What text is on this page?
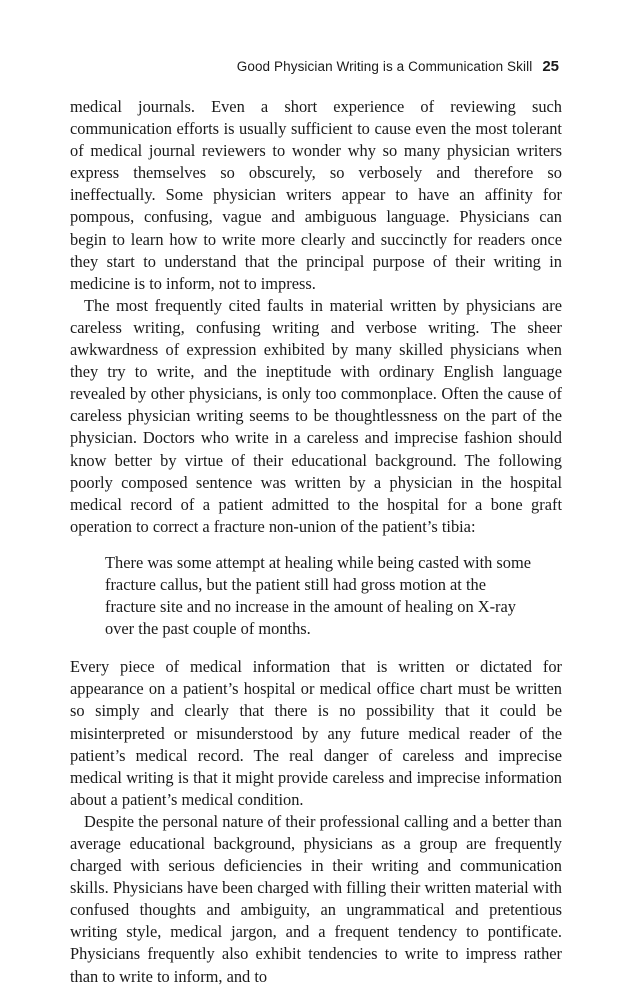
Good Physician Writing is a Communication Skill 25

medical journals. Even a short experience of reviewing such communication efforts is usually sufficient to cause even the most tolerant of medical journal reviewers to wonder why so many physician writers express themselves so obscurely, so verbosely and therefore so ineffectually. Some physician writers appear to have an affinity for pompous, confusing, vague and ambiguous language. Physicians can begin to learn how to write more clearly and succinctly for readers once they start to understand that the principal purpose of their writing in medicine is to inform, not to impress.

The most frequently cited faults in material written by physicians are careless writing, confusing writing and verbose writing. The sheer awkwardness of expression exhibited by many skilled physicians when they try to write, and the ineptitude with ordinary English language revealed by other physicians, is only too commonplace. Often the cause of careless physician writing seems to be thoughtlessness on the part of the physician. Doctors who write in a careless and imprecise fashion should know better by virtue of their educational background. The following poorly composed sentence was written by a physician in the hospital medical record of a patient admitted to the hospital for a bone graft operation to correct a fracture non-union of the patient’s tibia:

There was some attempt at healing while being casted with some fracture callus, but the patient still had gross motion at the fracture site and no increase in the amount of healing on X-ray over the past couple of months.

Every piece of medical information that is written or dictated for appearance on a patient’s hospital or medical office chart must be written so simply and clearly that there is no possibility that it could be misinterpreted or misunderstood by any future medical reader of the patient’s medical record. The real danger of careless and imprecise medical writing is that it might provide careless and imprecise information about a patient’s medical condition.

Despite the personal nature of their professional calling and a better than average educational background, physicians as a group are frequently charged with serious deficiencies in their writing and communication skills. Physicians have been charged with filling their written material with confused thoughts and ambiguity, an ungrammatical and pretentious writing style, medical jargon, and a frequent tendency to pontificate. Physicians frequently also exhibit tendencies to write to impress rather than to write to inform, and to
